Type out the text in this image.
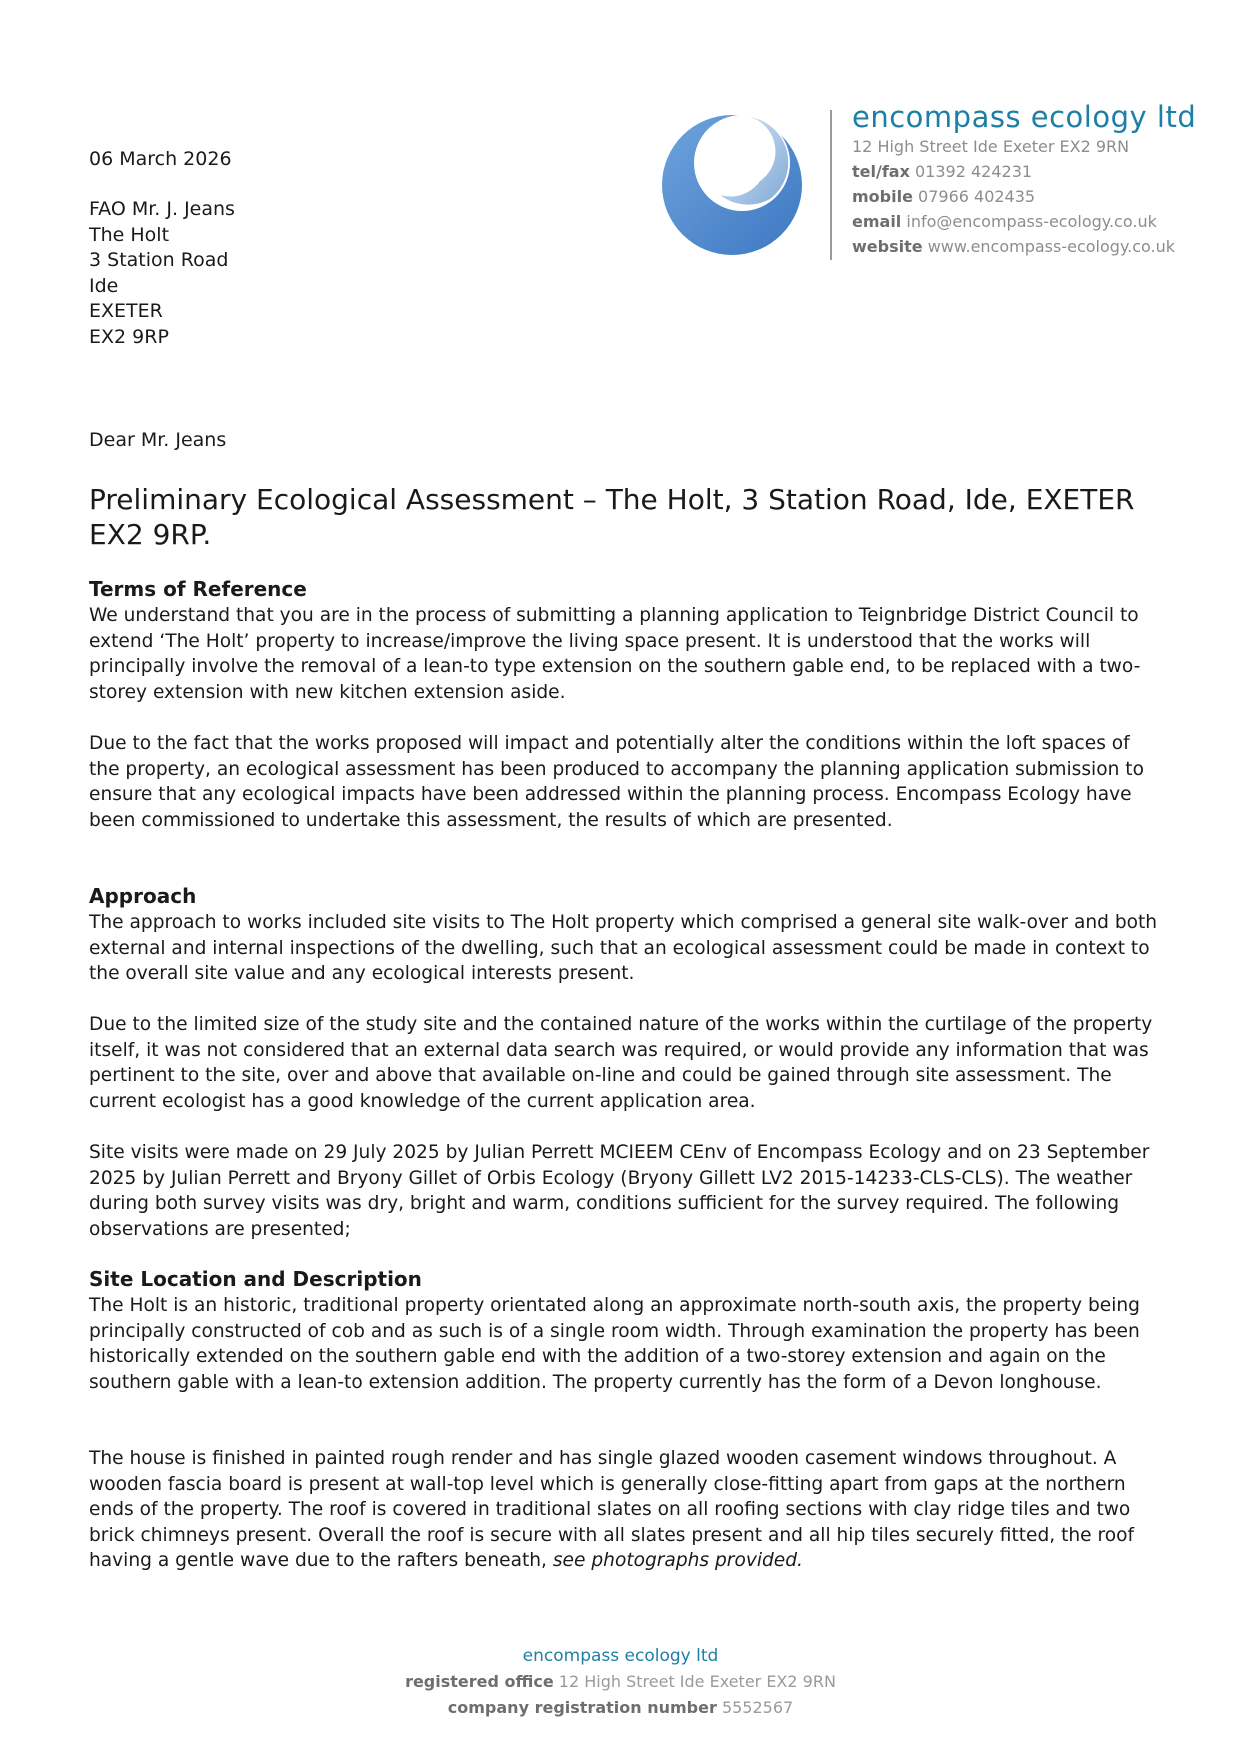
encompass ecology ltd
12 High Street Ide Exeter EX2 9RN
tel/fax 01392 424231
mobile 07966 402435
email info@encompass-ecology.co.uk
website www.encompass-ecology.co.uk
06 March 2026
FAO Mr. J. Jeans
The Holt
3 Station Road
Ide
EXETER
EX2 9RP
Dear Mr. Jeans
Preliminary Ecological Assessment – The Holt, 3 Station Road, Ide, EXETER EX2 9RP.
Terms of Reference
We understand that you are in the process of submitting a planning application to Teignbridge District Council to extend ‘The Holt’ property to increase/improve the living space present. It is understood that the works will principally involve the removal of a lean-to type extension on the southern gable end, to be replaced with a two-storey extension with new kitchen extension aside.
Due to the fact that the works proposed will impact and potentially alter the conditions within the loft spaces of the property, an ecological assessment has been produced to accompany the planning application submission to ensure that any ecological impacts have been addressed within the planning process. Encompass Ecology have been commissioned to undertake this assessment, the results of which are presented.
Approach
The approach to works included site visits to The Holt property which comprised a general site walk-over and both external and internal inspections of the dwelling, such that an ecological assessment could be made in context to the overall site value and any ecological interests present.
Due to the limited size of the study site and the contained nature of the works within the curtilage of the property itself, it was not considered that an external data search was required, or would provide any information that was pertinent to the site, over and above that available on-line and could be gained through site assessment. The current ecologist has a good knowledge of the current application area.
Site visits were made on 29 July 2025 by Julian Perrett MCIEEM CEnv of Encompass Ecology and on 23 September 2025 by Julian Perrett and Bryony Gillet of Orbis Ecology (Bryony Gillett LV2 2015-14233-CLS-CLS). The weather during both survey visits was dry, bright and warm, conditions sufficient for the survey required. The following observations are presented;
Site Location and Description
The Holt is an historic, traditional property orientated along an approximate north-south axis, the property being principally constructed of cob and as such is of a single room width. Through examination the property has been historically extended on the southern gable end with the addition of a two-storey extension and again on the southern gable with a lean-to extension addition. The property currently has the form of a Devon longhouse.
The house is finished in painted rough render and has single glazed wooden casement windows throughout. A wooden fascia board is present at wall-top level which is generally close-fitting apart from gaps at the northern ends of the property. The roof is covered in traditional slates on all roofing sections with clay ridge tiles and two brick chimneys present. Overall the roof is secure with all slates present and all hip tiles securely fitted, the roof having a gentle wave due to the rafters beneath, see photographs provided.
encompass ecology ltd
registered office 12 High Street Ide Exeter EX2 9RN
company registration number 5552567
